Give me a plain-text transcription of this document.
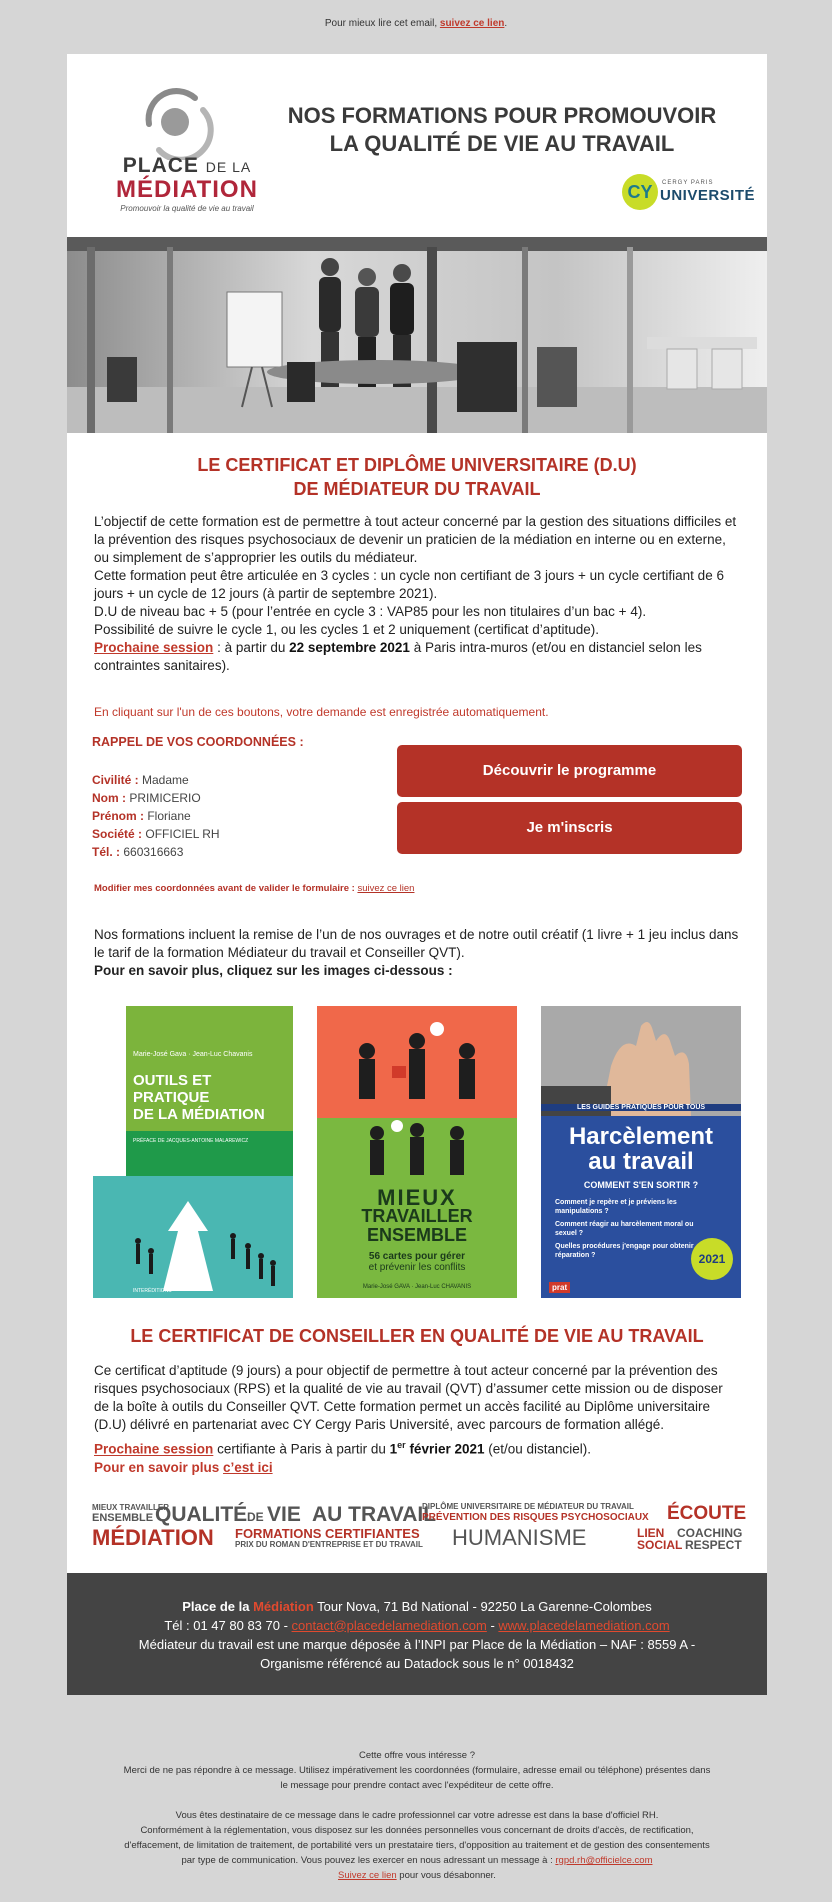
Pour mieux lire cet email, suivez ce lien.
PLACE DE LA
MÉDIATION
Promouvoir la qualité de vie au travail
NOS FORMATIONS POUR PROMOUVOIR
LA QUALITÉ DE VIE AU TRAVAIL
CY	CERGY PARIS
UNIVERSITÉ
LE CERTIFICAT ET DIPLÔME UNIVERSITAIRE (D.U)
DE MÉDIATEUR DU TRAVAIL
L’objectif de cette formation est de permettre à tout acteur concerné par la gestion des situations difficiles et la prévention des risques psychosociaux de devenir un praticien de la médiation en interne ou en externe, ou simplement de s’approprier les outils du médiateur.
Cette formation peut être articulée en 3 cycles : un cycle non certifiant de 3 jours + un cycle certifiant de 6 jours + un cycle de 12 jours (à partir de septembre 2021).
D.U de niveau bac + 5 (pour l’entrée en cycle 3 : VAP85 pour les non titulaires d’un bac + 4).
Possibilité de suivre le cycle 1, ou les cycles 1 et 2 uniquement (certificat d’aptitude).
Prochaine session : à partir du 22 septembre 2021 à Paris intra-muros (et/ou en distanciel selon les contraintes sanitaires).
En cliquant sur l'un de ces boutons, votre demande est enregistrée automatiquement.
RAPPEL DE VOS COORDONNÉES :
Civilité : Madame
Nom : PRIMICERIO
Prénom : Floriane
Société : OFFICIEL RH
Tél. : 660316663
Découvrir le programme
Je m'inscris
Modifier mes coordonnées avant de valider le formulaire : suivez ce lien
Nos formations incluent la remise de l’un de nos ouvrages et de notre outil créatif (1 livre + 1 jeu inclus dans le tarif de la formation Médiateur du travail et Conseiller QVT).
Pour en savoir plus, cliquez sur les images ci-dessous :
Marie-José Gava · Jean-Luc Chavanis
OUTILS ET
PRATIQUE
DE LA MÉDIATION
PRÉFACE DE JACQUES-ANTOINE MALAREWICZ
INTERÉDITIONS
MIEUX
TRAVAILLER
ENSEMBLE
56 cartes pour gérer
et prévenir les conflits
Marie-José GAVA · Jean-Luc CHAVANIS
LES GUIDES PRATIQUES POUR TOUS
Harcèlement
au travail
COMMENT S'EN SORTIR ?
Comment je repère et je préviens les manipulations ?
Comment réagir au harcèlement moral ou sexuel ?
Quelles procédures j'engage pour obtenir réparation ?	2021
prat
LE CERTIFICAT DE CONSEILLER EN QUALITÉ DE VIE AU TRAVAIL
Ce certificat d’aptitude (9 jours) a pour objectif de permettre à tout acteur concerné par la prévention des risques psychosociaux (RPS) et la qualité de vie au travail (QVT) d’assumer cette mission ou de disposer de la boîte à outils du Conseiller QVT. Cette formation permet un accès facilité au Diplôme universitaire (D.U) délivré en partenariat avec CY Cergy Paris Université, avec parcours de formation allégé.
Prochaine session certifiante à Paris à partir du 1er février 2021 (et/ou distanciel).
Pour en savoir plus c’est ici
MIEUX TRAVAILLER
ENSEMBLE QUALITÉ DE VIE AU TRAVAIL
DIPLÔME UNIVERSITAIRE DE MÉDIATEUR DU TRAVAIL
PRÉVENTION DES RISQUES PSYCHOSOCIAUX ÉCOUTE
MÉDIATION FORMATIONS CERTIFIANTES
PRIX DU ROMAN D'ENTREPRISE ET DU TRAVAIL HUMANISME	LIEN
SOCIAL
COACHING
RESPECT
Place de la Médiation Tour Nova, 71 Bd National - 92250 La Garenne-Colombes
Tél : 01 47 80 83 70 - contact@placedelamediation.com - www.placedelamediation.com
Médiateur du travail est une marque déposée à l’INPI par Place de la Médiation – NAF : 8559 A -
Organisme référencé au Datadock sous le n° 0018432
Cette offre vous intéresse ?
Merci de ne pas répondre à ce message. Utilisez impérativement les coordonnées (formulaire, adresse email ou téléphone) présentes dans
le message pour prendre contact avec l'expéditeur de cette offre.
Vous êtes destinataire de ce message dans le cadre professionnel car votre adresse est dans la base d'officiel RH.
Conformément à la réglementation, vous disposez sur les données personnelles vous concernant de droits d'accès, de rectification,
d'effacement, de limitation de traitement, de portabilité vers un prestataire tiers, d'opposition au traitement et de gestion des consentements
par type de communication. Vous pouvez les exercer en nous adressant un message à : rgpd.rh@officielce.com
Suivez ce lien pour vous désabonner.
